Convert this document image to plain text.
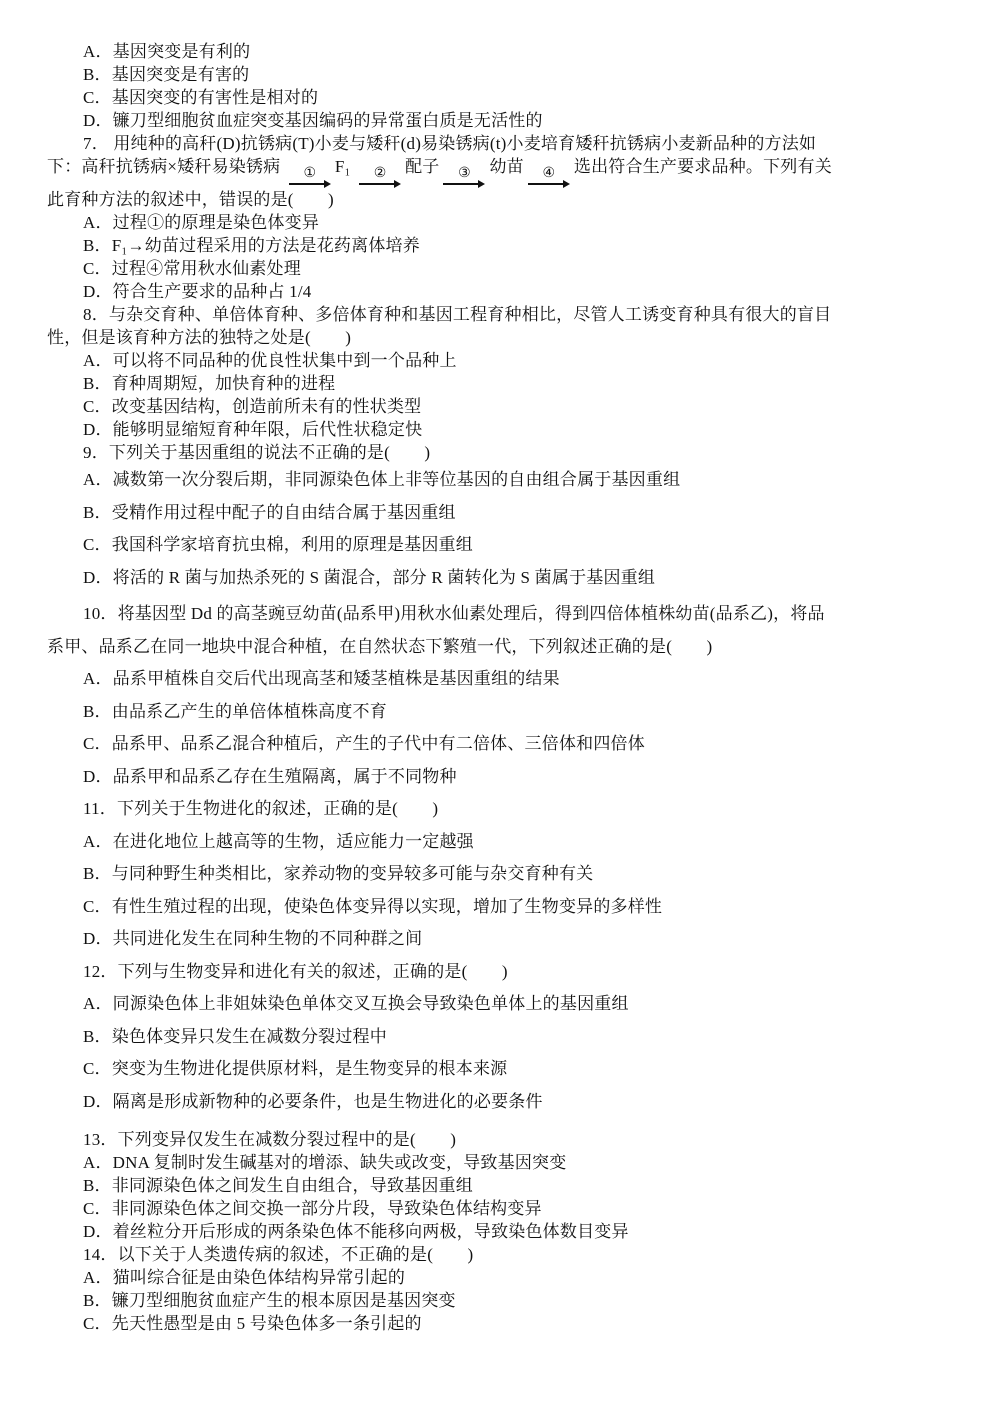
A．基因突变是有利的

B．基因突变是有害的

C．基因突变的有害性是相对的

D．镰刀型细胞贫血症突变基因编码的异常蛋白质是无活性的

7． 用纯种的高秆(D)抗锈病(T)小麦与矮秆(d)易染锈病(t)小麦培育矮秆抗锈病小麦新品种的方法如

下：高秆抗锈病×矮秆易染锈病 ① F₁ ② 配子 ③ 幼苗 ④ 选出符合生产要求品种。下列有关

此育种方法的叙述中，错误的是(　　)

A．过程①的原理是染色体变异

B．F₁→幼苗过程采用的方法是花药离体培养

C．过程④常用秋水仙素处理

D．符合生产要求的品种占 1/4

8．与杂交育种、单倍体育种、多倍体育种和基因工程育种相比，尽管人工诱变育种具有很大的盲目

性，但是该育种方法的独特之处是(　　)

A．可以将不同品种的优良性状集中到一个品种上

B．育种周期短，加快育种的进程

C．改变基因结构，创造前所未有的性状类型

D．能够明显缩短育种年限，后代性状稳定快

9．下列关于基因重组的说法不正确的是(　　)

A．减数第一次分裂后期，非同源染色体上非等位基因的自由组合属于基因重组

B．受精作用过程中配子的自由结合属于基因重组

C．我国科学家培育抗虫棉，利用的原理是基因重组

D．将活的 R 菌与加热杀死的 S 菌混合，部分 R 菌转化为 S 菌属于基因重组

10．将基因型 Dd 的高茎豌豆幼苗(品系甲)用秋水仙素处理后，得到四倍体植株幼苗(品系乙)，将品

系甲、品系乙在同一地块中混合种植，在自然状态下繁殖一代，下列叙述正确的是(　　)

A．品系甲植株自交后代出现高茎和矮茎植株是基因重组的结果

B．由品系乙产生的单倍体植株高度不育

C．品系甲、品系乙混合种植后，产生的子代中有二倍体、三倍体和四倍体

D．品系甲和品系乙存在生殖隔离，属于不同物种

11．下列关于生物进化的叙述，正确的是(　　)

A．在进化地位上越高等的生物，适应能力一定越强

B．与同种野生种类相比，家养动物的变异较多可能与杂交育种有关

C．有性生殖过程的出现，使染色体变异得以实现，增加了生物变异的多样性

D．共同进化发生在同种生物的不同种群之间

12．下列与生物变异和进化有关的叙述，正确的是(　　)

A．同源染色体上非姐妹染色单体交叉互换会导致染色单体上的基因重组

B．染色体变异只发生在减数分裂过程中

C．突变为生物进化提供原材料，是生物变异的根本来源

D．隔离是形成新物种的必要条件，也是生物进化的必要条件

13．下列变异仅发生在减数分裂过程中的是(　　)

A．DNA 复制时发生碱基对的增添、缺失或改变，导致基因突变

B．非同源染色体之间发生自由组合，导致基因重组

C．非同源染色体之间交换一部分片段，导致染色体结构变异

D．着丝粒分开后形成的两条染色体不能移向两极，导致染色体数目变异

14．以下关于人类遗传病的叙述，不正确的是(　　)

A．猫叫综合征是由染色体结构异常引起的

B．镰刀型细胞贫血症产生的根本原因是基因突变

C．先天性愚型是由 5 号染色体多一条引起的
